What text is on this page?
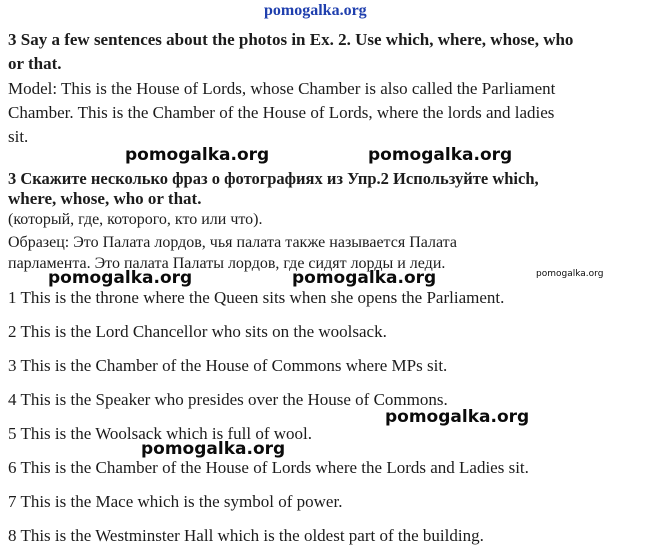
pomogalka.org
3 Say a few sentences about the photos in Ex. 2. Use which, where, whose, who
or that.
Model: This is the House of Lords, whose Chamber is also called the Parliament
Chamber. This is the Chamber of the House of Lords, where the lords and ladies
sit.
pomogalka.org	pomogalka.org
3 Скажите несколько фраз о фотографиях из Упр.2 Используйте which,
where, whose, who or that.
(который, где, которого, кто или что).
Образец: Это Палата лордов, чья палата также называется Палата
парламента. Это палата Палаты лордов, где сидят лорды и леди.
pomogalka.org	pomogalka.org	pomogalka.org
1 This is the throne where the Queen sits when she opens the Parliament.
2 This is the Lord Chancellor who sits on the woolsack.
3 This is the Chamber of the House of Commons where MPs sit.
4 This is the Speaker who presides over the House of Commons.
pomogalka.org
5 This is the Woolsack which is full of wool.
pomogalka.org
6 This is the Chamber of the House of Lords where the Lords and Ladies sit.
7 This is the Mace which is the symbol of power.
8 This is the Westminster Hall which is the oldest part of the building.
